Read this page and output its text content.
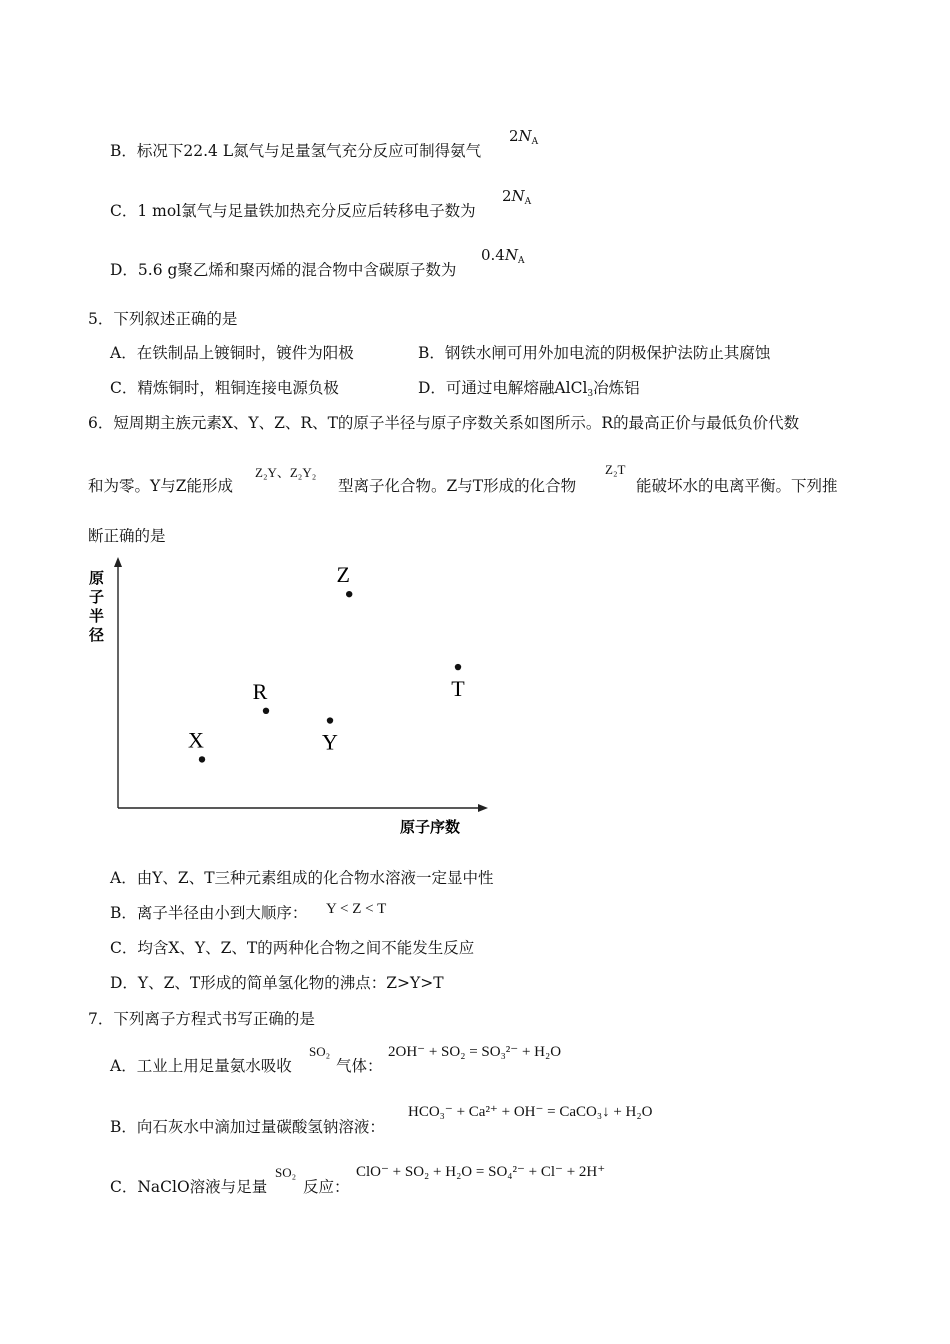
B．标况下22.4 L氮气与足量氢气充分反应可制得氨气
$2N_A$
C．1 mol氯气与足量铁加热充分反应后转移电子数为
$2N_A$
D．5.6 g聚乙烯和聚丙烯的混合物中含碳原子数为
$0.4N_A$
5．下列叙述正确的是
A．在铁制品上镀铜时，镀件为阳极	B．钢铁水闸可用外加电流的阴极保护法防止其腐蚀
C．精炼铜时，粗铜连接电源负极	D．可通过电解熔融AlCl$_3$冶炼铝
6．短周期主族元素X、Y、Z、R、T的原子半径与原子序数关系如图所示。R的最高正价与最低负价代数
和为零。Y与Z能形成
Z₂Y、Z₂Y₂
型离子化合物。Z与T形成的化合物
Z₂T
能破坏水的电离平衡。下列推
断正确的是
原
子
半
径
原子序数
X
R
Y
Z
T
A．由Y、Z、T三种元素组成的化合物水溶液一定显中性
B．离子半径由小到大顺序： Y < Z < T
C．均含X、Y、Z、T的两种化合物之间不能发生反应
D．Y、Z、T形成的简单氢化物的沸点：Z>Y>T
7．下列离子方程式书写正确的是
A．工业上用足量氨水吸收
SO₂
气体：
2OH⁻ + SO₂ = SO₃²⁻ + H₂O
B．向石灰水中滴加过量碳酸氢钠溶液：
HCO₃⁻ + Ca²⁺ + OH⁻ = CaCO₃↓ + H₂O
C．NaClO溶液与足量
SO₂
反应：
ClO⁻ + SO₂ + H₂O = SO₄²⁻ + Cl⁻ + 2H⁺
